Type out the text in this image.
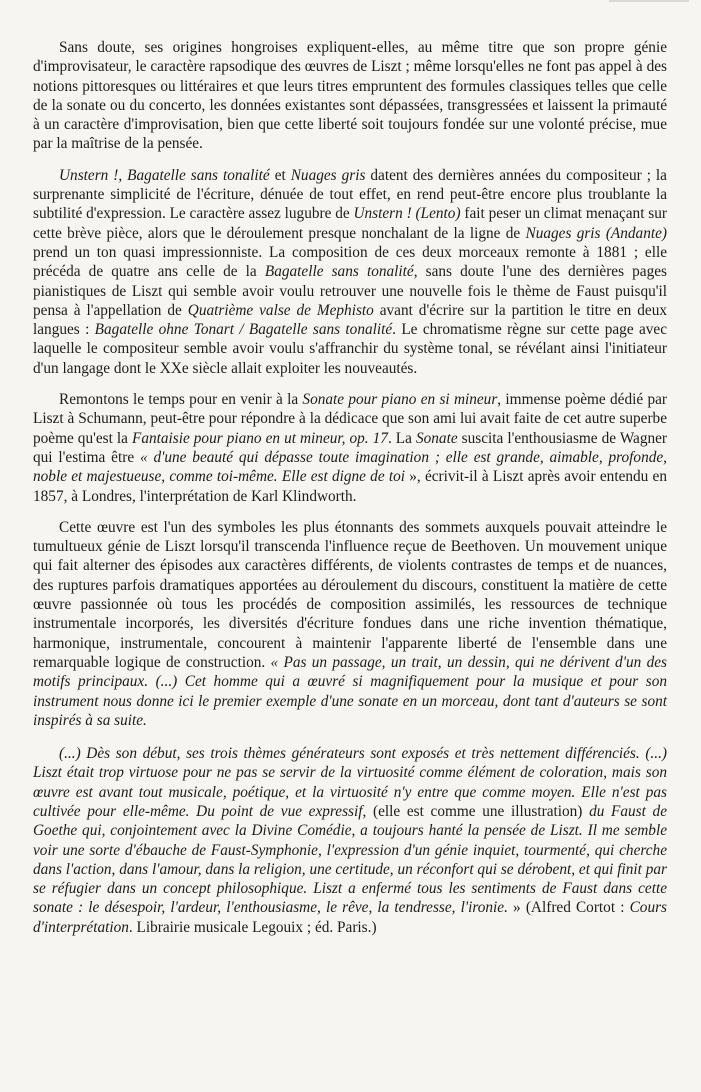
Sans doute, ses origines hongroises expliquent-elles, au même titre que son propre génie d'improvisateur, le caractère rapsodique des œuvres de Liszt ; même lorsqu'elles ne font pas appel à des notions pittoresques ou littéraires et que leurs titres empruntent des formules classiques telles que celle de la sonate ou du concerto, les données existantes sont dépassées, transgressées et laissent la primauté à un caractère d'improvisation, bien que cette liberté soit toujours fondée sur une volonté précise, mue par la maîtrise de la pensée.

Unstern !, Bagatelle sans tonalité et Nuages gris datent des dernières années du compositeur ; la surprenante simplicité de l'écriture, dénuée de tout effet, en rend peut-être encore plus troublante la subtilité d'expression. Le caractère assez lugubre de Unstern ! (Lento) fait peser un climat menaçant sur cette brève pièce, alors que le déroulement presque nonchalant de la ligne de Nuages gris (Andante) prend un ton quasi impressionniste. La composition de ces deux morceaux remonte à 1881 ; elle précéda de quatre ans celle de la Bagatelle sans tonalité, sans doute l'une des dernières pages pianistiques de Liszt qui semble avoir voulu retrouver une nouvelle fois le thème de Faust puisqu'il pensa à l'appellation de Quatrième valse de Mephisto avant d'écrire sur la partition le titre en deux langues : Bagatelle ohne Tonart / Bagatelle sans tonalité. Le chromatisme règne sur cette page avec laquelle le compositeur semble avoir voulu s'affranchir du système tonal, se révélant ainsi l'initiateur d'un langage dont le XXe siècle allait exploiter les nouveautés.

Remontons le temps pour en venir à la Sonate pour piano en si mineur, immense poème dédié par Liszt à Schumann, peut-être pour répondre à la dédicace que son ami lui avait faite de cet autre superbe poème qu'est la Fantaisie pour piano en ut mineur, op. 17. La Sonate suscita l'enthousiasme de Wagner qui l'estima être « d'une beauté qui dépasse toute imagination ; elle est grande, aimable, profonde, noble et majestueuse, comme toi-même. Elle est digne de toi », écrivit-il à Liszt après avoir entendu en 1857, à Londres, l'interprétation de Karl Klindworth.

Cette œuvre est l'un des symboles les plus étonnants des sommets auxquels pouvait atteindre le tumultueux génie de Liszt lorsqu'il transcenda l'influence reçue de Beethoven. Un mouvement unique qui fait alterner des épisodes aux caractères différents, de violents contrastes de temps et de nuances, des ruptures parfois dramatiques apportées au déroulement du discours, constituent la matière de cette œuvre passionnée où tous les procédés de composition assimilés, les ressources de technique instrumentale incorporés, les diversités d'écriture fondues dans une riche invention thématique, harmonique, instrumentale, concourent à maintenir l'apparente liberté de l'ensemble dans une remarquable logique de construction. « Pas un passage, un trait, un dessin, qui ne dérivent d'un des motifs principaux. (...) Cet homme qui a œuvré si magnifiquement pour la musique et pour son instrument nous donne ici le premier exemple d'une sonate en un morceau, dont tant d'auteurs se sont inspirés à sa suite.

(...) Dès son début, ses trois thèmes générateurs sont exposés et très nettement différenciés. (...) Liszt était trop virtuose pour ne pas se servir de la virtuosité comme élément de coloration, mais son œuvre est avant tout musicale, poétique, et la virtuosité n'y entre que comme moyen. Elle n'est pas cultivée pour elle-même. Du point de vue expressif, (elle est comme une illustration) du Faust de Goethe qui, conjointement avec la Divine Comédie, a toujours hanté la pensée de Liszt. Il me semble voir une sorte d'ébauche de Faust-Symphonie, l'expression d'un génie inquiet, tourmenté, qui cherche dans l'action, dans l'amour, dans la religion, une certitude, un réconfort qui se dérobent, et qui finit par se réfugier dans un concept philosophique. Liszt a enfermé tous les sentiments de Faust dans cette sonate : le désespoir, l'ardeur, l'enthousiasme, le rêve, la tendresse, l'ironie. » (Alfred Cortot : Cours d'interprétation. Librairie musicale Legouix ; éd. Paris.)
